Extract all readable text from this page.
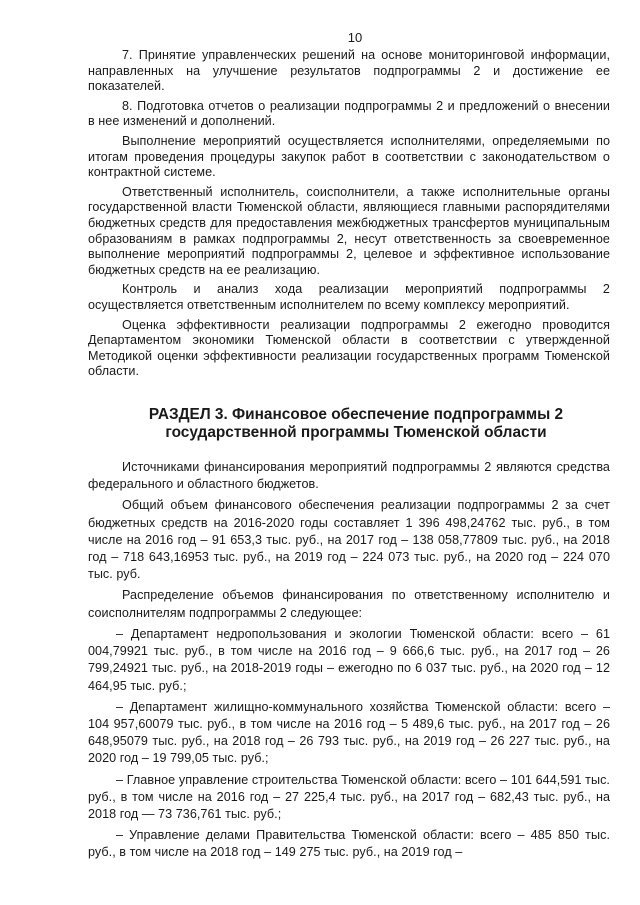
10

7. Принятие управленческих решений на основе мониторинговой информации, направленных на улучшение результатов подпрограммы 2 и достижение ее показателей.

8. Подготовка отчетов о реализации подпрограммы 2 и предложений о внесении в нее изменений и дополнений.

Выполнение мероприятий осуществляется исполнителями, определяемыми по итогам проведения процедуры закупок работ в соответствии с законодательством о контрактной системе.

Ответственный исполнитель, соисполнители, а также исполнительные органы государственной власти Тюменской области, являющиеся главными распорядителями бюджетных средств для предоставления межбюджетных трансфертов муниципальным образованиям в рамках подпрограммы 2, несут ответственность за своевременное выполнение мероприятий подпрограммы 2, целевое и эффективное использование бюджетных средств на ее реализацию.

Контроль и анализ хода реализации мероприятий подпрограммы 2 осуществляется ответственным исполнителем по всему комплексу мероприятий.

Оценка эффективности реализации подпрограммы 2 ежегодно проводится Департаментом экономики Тюменской области в соответствии с утвержденной Методикой оценки эффективности реализации государственных программ Тюменской области.

РАЗДЕЛ 3. Финансовое обеспечение подпрограммы 2
государственной программы Тюменской области

Источниками финансирования мероприятий подпрограммы 2 являются средства федерального и областного бюджетов.

Общий объем финансового обеспечения реализации подпрограммы 2 за счет бюджетных средств на 2016-2020 годы составляет 1 396 498,24762 тыс. руб., в том числе на 2016 год – 91 653,3 тыс. руб., на 2017 год – 138 058,77809 тыс. руб., на 2018 год – 718 643,16953 тыс. руб., на 2019 год – 224 073 тыс. руб., на 2020 год – 224 070 тыс. руб.

Распределение объемов финансирования по ответственному исполнителю и соисполнителям подпрограммы 2 следующее:

– Департамент недропользования и экологии Тюменской области: всего – 61 004,79921 тыс. руб., в том числе на 2016 год – 9 666,6 тыс. руб., на 2017 год – 26 799,24921 тыс. руб., на 2018-2019 годы – ежегодно по 6 037 тыс. руб., на 2020 год – 12 464,95 тыс. руб.;

– Департамент жилищно-коммунального хозяйства Тюменской области: всего – 104 957,60079 тыс. руб., в том числе на 2016 год – 5 489,6 тыс. руб., на 2017 год – 26 648,95079 тыс. руб., на 2018 год – 26 793 тыс. руб., на 2019 год – 26 227 тыс. руб., на 2020 год – 19 799,05 тыс. руб.;

– Главное управление строительства Тюменской области: всего – 101 644,591 тыс. руб., в том числе на 2016 год – 27 225,4 тыс. руб., на 2017 год – 682,43 тыс. руб., на 2018 год — 73 736,761 тыс. руб.;

– Управление делами Правительства Тюменской области: всего – 485 850 тыс. руб., в том числе на 2018 год – 149 275 тыс. руб., на 2019 год –
